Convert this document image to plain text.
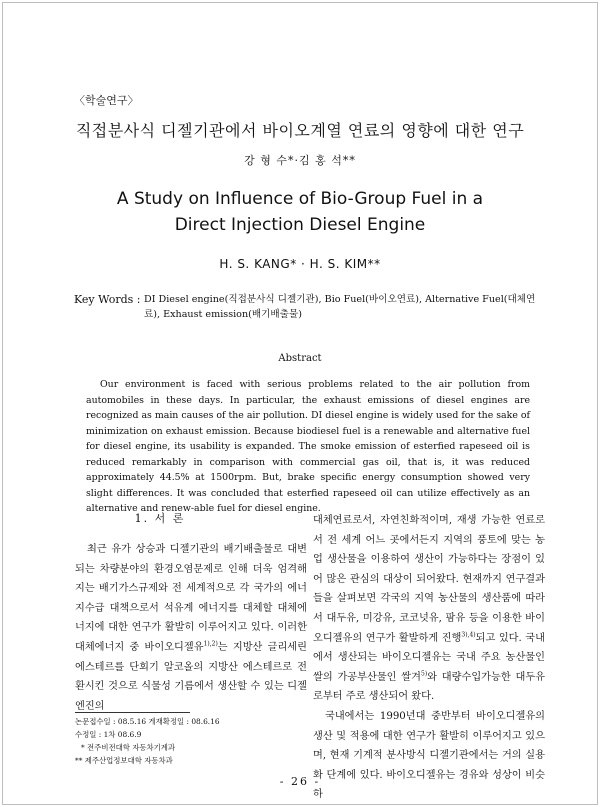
〈학술연구〉
직접분사식 디젤기관에서 바이오계열 연료의 영향에 대한 연구
강 형 수*·김 홍 석**
A Study on Influence of Bio-Group Fuel in a Direct Injection Diesel Engine
H. S. KANG* · H. S. KIM**
Key Words : DI Diesel engine(직접분사식 디젤기관), Bio Fuel(바이오연료), Alternative Fuel(대체연료), Exhaust emission(배기배출물)
Abstract
Our environment is faced with serious problems related to the air pollution from automobiles in these days. In particular, the exhaust emissions of diesel engines are recognized as main causes of the air pollution. DI diesel engine is widely used for the sake of minimization on exhaust emission. Because biodiesel fuel is a renewable and alternative fuel for diesel engine, its usability is expanded. The smoke emission of esterfied rapeseed oil is reduced remarkably in comparison with commercial gas oil, that is, it was reduced approximately 44.5% at 1500rpm. But, brake specific energy consumption showed very slight differences. It was concluded that esterfied rapeseed oil can utilize effectively as an alternative and renew-able fuel for diesel engine.
1. 서 론
최근 유가 상승과 디젤기관의 배기배출물로 대변되는 차량분야의 환경오염문제로 인해 더욱 엄격해지는 배기가스규제와 전 세계적으로 각 국가의 에너지수급 대책으로서 석유계 에너지를 대체할 대체에너지에 대한 연구가 활발히 이루어지고 있다. 이러한 대체에너지 중 바이오디젤유$^{1),2)}$는 지방산 글리세린 에스테르를 단회기 알코올의 지방산 에스테르로 전환시킨 것으로 식물성 기름에서 생산할 수 있는 디젤엔진의

대체연료로서, 자연친화적이며, 재생 가능한 연료로서 전 세계 어느 곳에서든지 지역의 풍토에 맞는 농업 생산물을 이용하여 생산이 가능하다는 장점이 있어 많은 관심의 대상이 되어왔다. 현재까지 연구결과들을 살펴보면 각국의 지역 농산물의 생산품에 따라서 대두유, 미강유, 코코넛유, 팜유 등을 이용한 바이오디젤유의 연구가 활발하게 진행$^{3),4)}$되고 있다. 국내에서 생산되는 바이오디젤유는 국내 주요 농산물인 쌀의 가공부산물인 쌀겨$^{5)}$와 대량수입가능한 대두유로부터 주로 생산되어 왔다.

국내에서는 1990년대 중반부터 바이오디젤유의 생산 및 적용에 대한 연구가 활발히 이루어지고 있으며, 현재 기계적 분사방식 디젤기관에서는 거의 실용화 단계에 있다. 바이오디젤유는 경유와 성상이 비슷하

논문접수일 : 08.5.16 게재확정일 : 08.6.16
수정일 : 1차 08.6.9
* 전주비전대학 자동차기계과
** 제주산업정보대학 자동차과
- 26 -
